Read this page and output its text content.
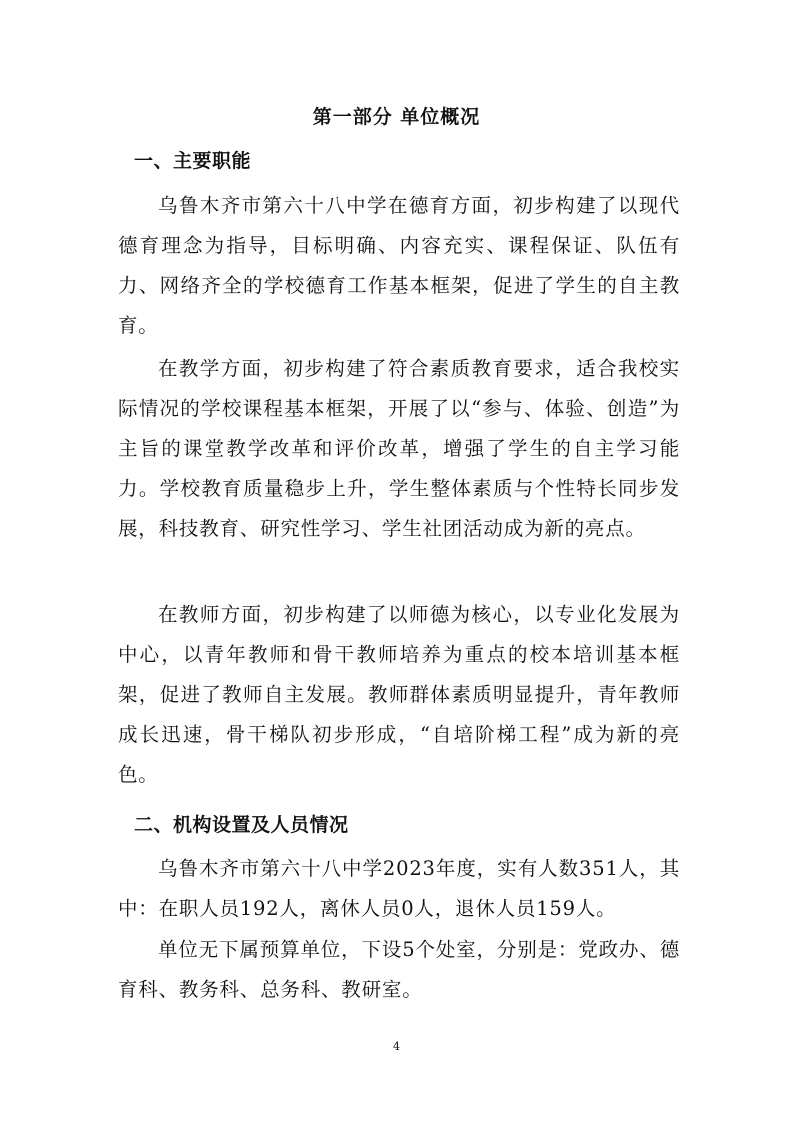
第一部分 单位概况
一、主要职能
乌鲁木齐市第六十八中学在德育方面，初步构建了以现代德育理念为指导，目标明确、内容充实、课程保证、队伍有力、网络齐全的学校德育工作基本框架，促进了学生的自主教育。
在教学方面，初步构建了符合素质教育要求，适合我校实际情况的学校课程基本框架，开展了以“参与、体验、创造”为主旨的课堂教学改革和评价改革，增强了学生的自主学习能力。学校教育质量稳步上升，学生整体素质与个性特长同步发展，科技教育、研究性学习、学生社团活动成为新的亮点。
在教师方面，初步构建了以师德为核心，以专业化发展为中心，以青年教师和骨干教师培养为重点的校本培训基本框架，促进了教师自主发展。教师群体素质明显提升，青年教师成长迅速，骨干梯队初步形成，“自培阶梯工程”成为新的亮色。
二、机构设置及人员情况
乌鲁木齐市第六十八中学2023年度，实有人数351人，其中：在职人员192人，离休人员0人，退休人员159人。
单位无下属预算单位，下设5个处室，分别是：党政办、德育科、教务科、总务科、教研室。
4
